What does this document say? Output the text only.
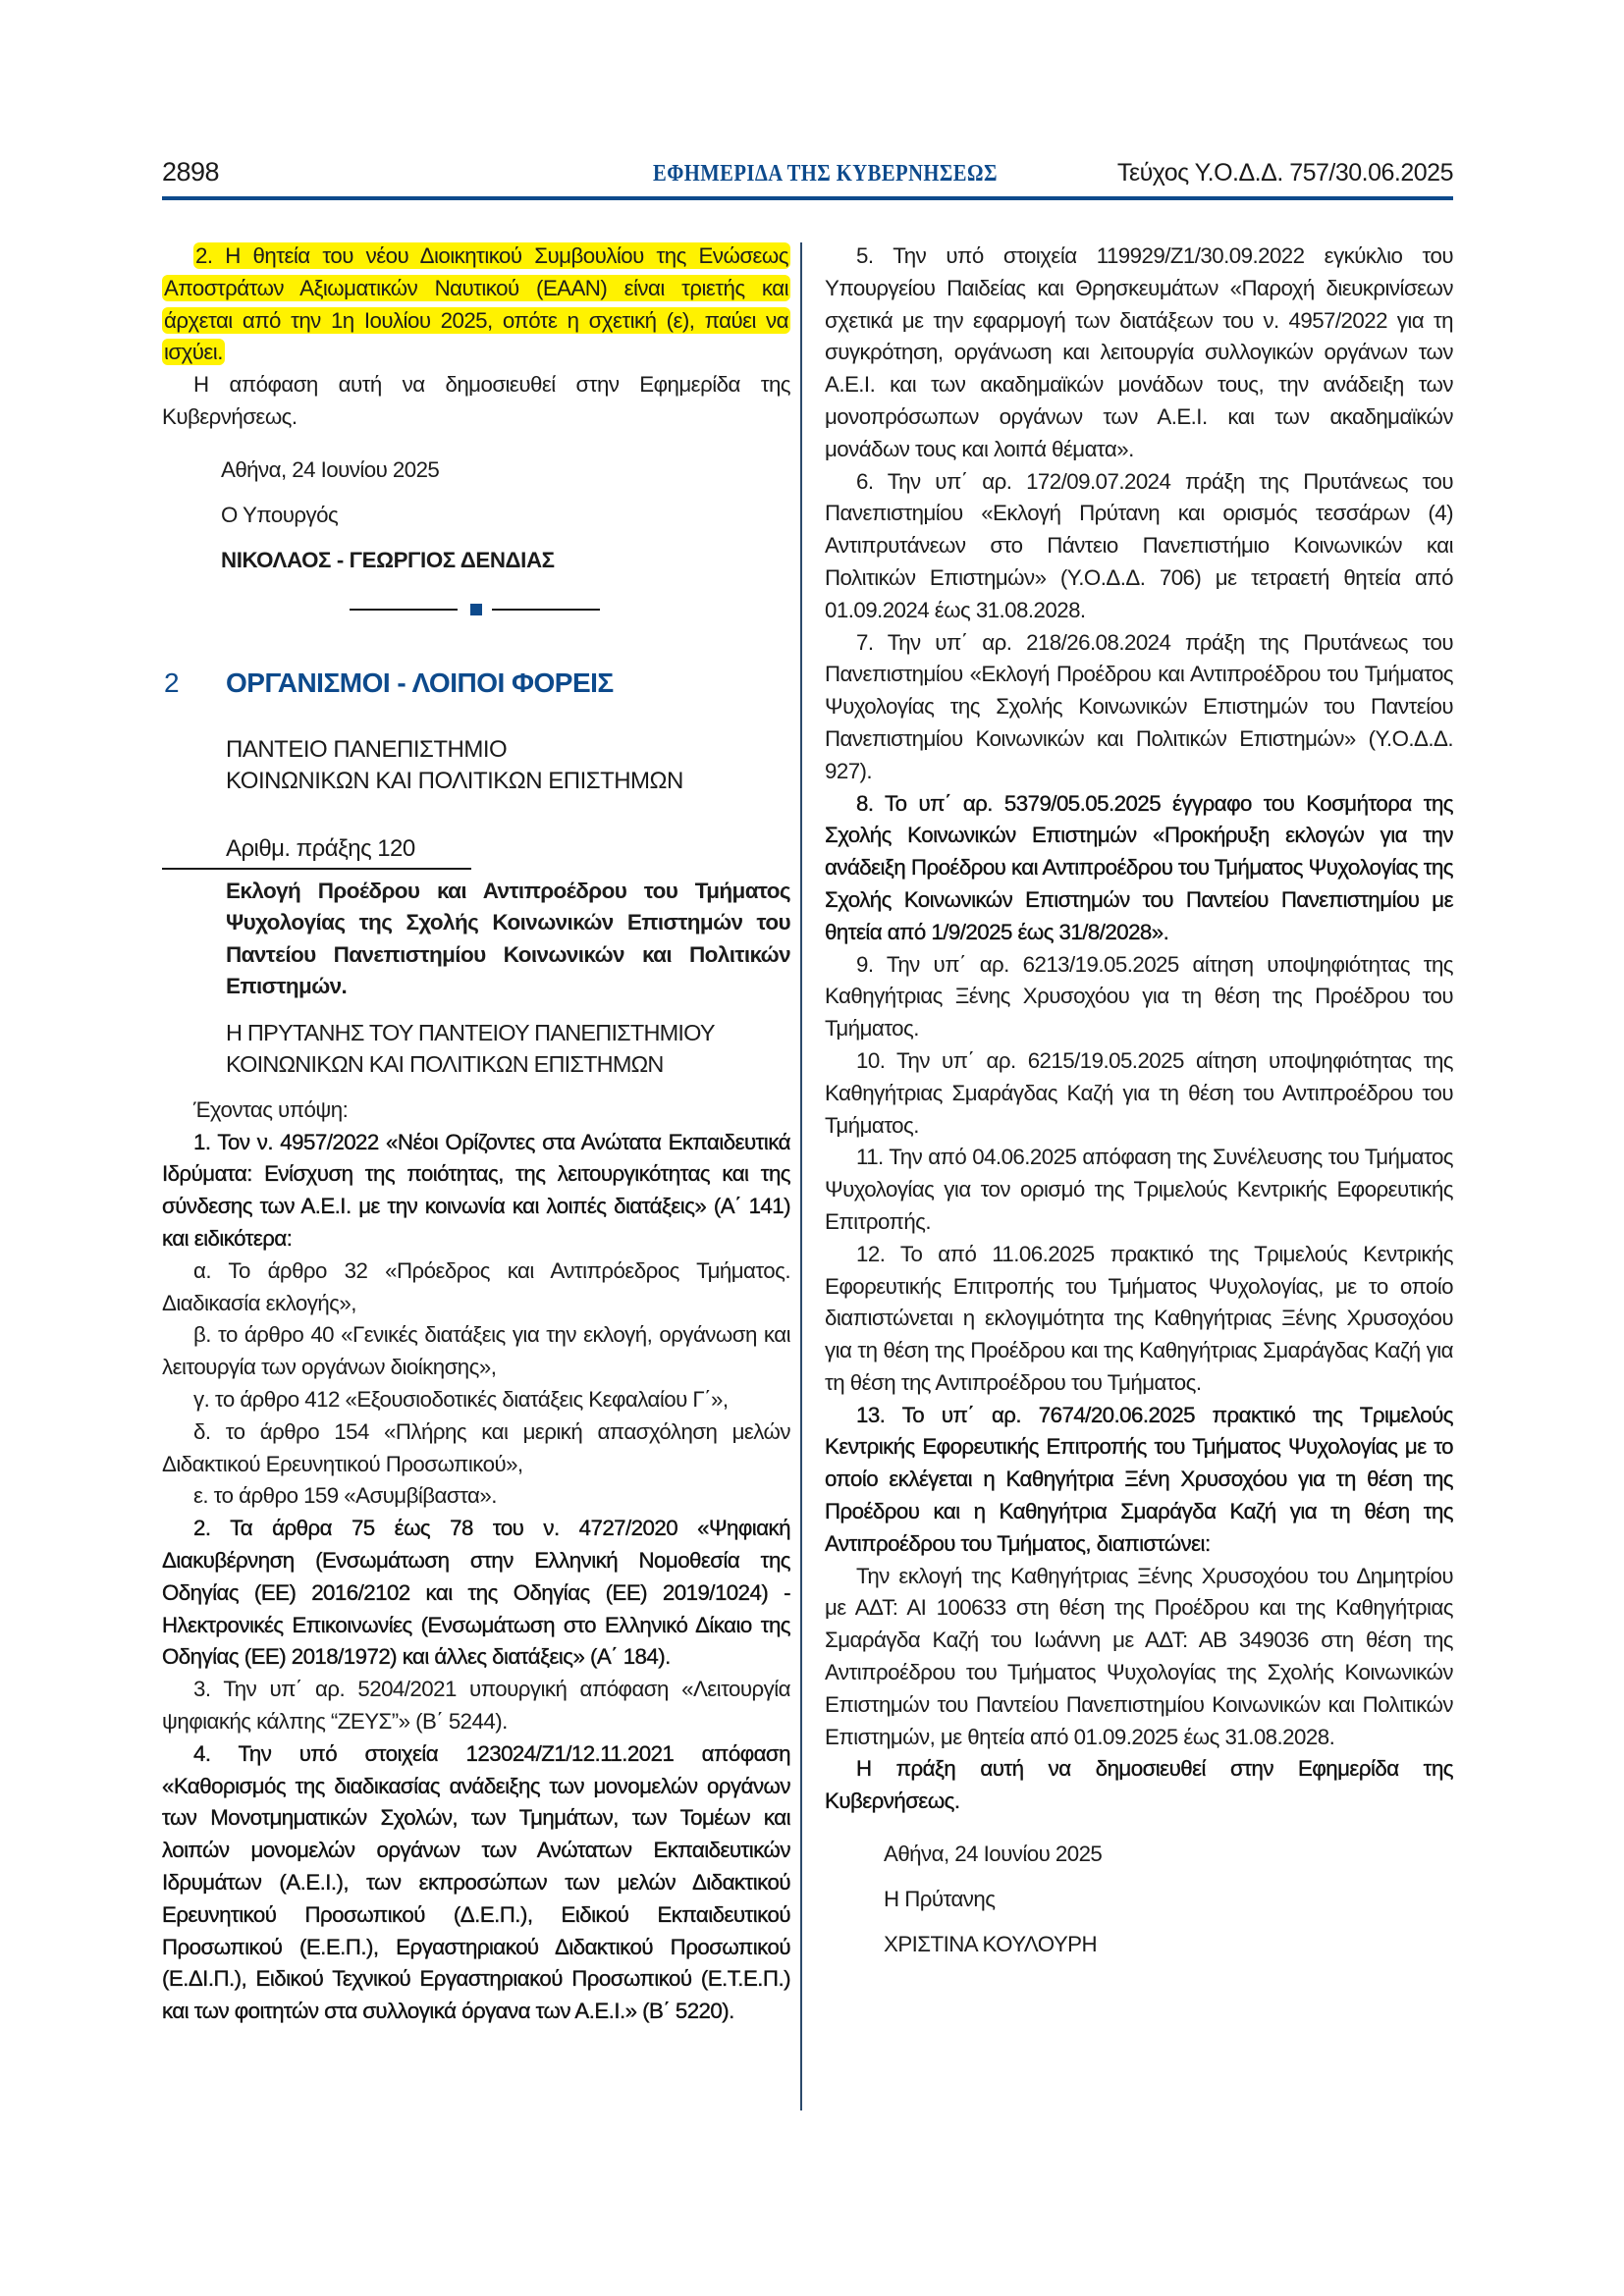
2898	ΕΦΗΜΕΡΙΔΑ ΤΗΣ ΚΥΒΕΡΝΗΣΕΩΣ	Τεύχος Υ.Ο.Δ.Δ. 757/30.06.2025

2. Η θητεία του νέου Διοικητικού Συμβουλίου της Ενώσεως Αποστράτων Αξιωματικών Ναυτικού (ΕΑΑΝ) είναι τριετής και άρχεται από την 1η Ιουλίου 2025, οπότε η σχετική (ε), παύει να ισχύει.

Η απόφαση αυτή να δημοσιευθεί στην Εφημερίδα της Κυβερνήσεως.

Αθήνα, 24 Ιουνίου 2025

Ο Υπουργός

ΝΙΚΟΛΑΟΣ - ΓΕΩΡΓΙΟΣ ΔΕΝΔΙΑΣ

2 ΟΡΓΑΝΙΣΜΟΙ - ΛΟΙΠΟΙ ΦΟΡΕΙΣ
ΠΑΝΤΕΙΟ ΠΑΝΕΠΙΣΤΗΜΙΟ
ΚΟΙΝΩΝΙΚΩΝ ΚΑΙ ΠΟΛΙΤΙΚΩΝ ΕΠΙΣΤΗΜΩΝ

Αριθμ. πράξης 120

Εκλογή Προέδρου και Αντιπροέδρου του Τμήματος Ψυχολογίας της Σχολής Κοινωνικών Επιστημών του Παντείου Πανεπιστημίου Κοινωνικών και Πολιτικών Επιστημών.

Η ΠΡΥΤΑΝΗΣ ΤΟΥ ΠΑΝΤΕΙΟΥ ΠΑΝΕΠΙΣΤΗΜΙΟΥ
ΚΟΙΝΩΝΙΚΩΝ ΚΑΙ ΠΟΛΙΤΙΚΩΝ ΕΠΙΣΤΗΜΩΝ

Έχοντας υπόψη:

1. Τον ν. 4957/2022 «Νέοι Ορίζοντες στα Ανώτατα Εκπαιδευτικά Ιδρύματα: Ενίσχυση της ποιότητας, της λειτουργικότητας και της σύνδεσης των Α.Ε.Ι. με την κοινωνία και λοιπές διατάξεις» (Α΄ 141) και ειδικότερα:

α. Το άρθρο 32 «Πρόεδρος και Αντιπρόεδρος Τμήματος. Διαδικασία εκλογής»,

β. το άρθρο 40 «Γενικές διατάξεις για την εκλογή, οργάνωση και λειτουργία των οργάνων διοίκησης»,

γ. το άρθρο 412 «Εξουσιοδοτικές διατάξεις Κεφαλαίου Γ΄»,

δ. το άρθρο 154 «Πλήρης και μερική απασχόληση μελών Διδακτικού Ερευνητικού Προσωπικού»,

ε. το άρθρο 159 «Ασυμβίβαστα».

2. Τα άρθρα 75 έως 78 του ν. 4727/2020 «Ψηφιακή Διακυβέρνηση (Ενσωμάτωση στην Ελληνική Νομοθεσία της Οδηγίας (ΕΕ) 2016/2102 και της Οδηγίας (ΕΕ) 2019/1024) - Ηλεκτρονικές Επικοινωνίες (Ενσωμάτωση στο Ελληνικό Δίκαιο της Οδηγίας (ΕΕ) 2018/1972) και άλλες διατάξεις» (Α΄ 184).

3. Την υπ΄ αρ. 5204/2021 υπουργική απόφαση «Λειτουργία ψηφιακής κάλπης “ΖΕΥΣ”» (Β΄ 5244).

4. Την υπό στοιχεία 123024/Ζ1/12.11.2021 απόφαση «Καθορισμός της διαδικασίας ανάδειξης των μονομελών οργάνων των Μονοτμηματικών Σχολών, των Τμημάτων, των Τομέων και λοιπών μονομελών οργάνων των Ανώτατων Εκπαιδευτικών Ιδρυμάτων (Α.Ε.Ι.), των εκπροσώπων των μελών Διδακτικού Ερευνητικού Προσωπικού (Δ.Ε.Π.), Ειδικού Εκπαιδευτικού Προσωπικού (Ε.Ε.Π.), Εργαστηριακού Διδακτικού Προσωπικού (Ε.ΔΙ.Π.), Ειδικού Τεχνικού Εργαστηριακού Προσωπικού (Ε.Τ.Ε.Π.) και των φοιτητών στα συλλογικά όργανα των Α.Ε.Ι.» (Β΄ 5220).

5. Την υπό στοιχεία 119929/Ζ1/30.09.2022 εγκύκλιο του Υπουργείου Παιδείας και Θρησκευμάτων «Παροχή διευκρινίσεων σχετικά με την εφαρμογή των διατάξεων του ν. 4957/2022 για τη συγκρότηση, οργάνωση και λειτουργία συλλογικών οργάνων των Α.Ε.Ι. και των ακαδημαϊκών μονάδων τους, την ανάδειξη των μονοπρόσωπων οργάνων των Α.Ε.Ι. και των ακαδημαϊκών μονάδων τους και λοιπά θέματα».

6. Την υπ΄ αρ. 172/09.07.2024 πράξη της Πρυτάνεως του Πανεπιστημίου «Εκλογή Πρύτανη και ορισμός τεσσάρων (4) Αντιπρυτάνεων στο Πάντειο Πανεπιστήμιο Κοινωνικών και Πολιτικών Επιστημών» (Υ.Ο.Δ.Δ. 706) με τετραετή θητεία από 01.09.2024 έως 31.08.2028.

7. Την υπ΄ αρ. 218/26.08.2024 πράξη της Πρυτάνεως του Πανεπιστημίου «Εκλογή Προέδρου και Αντιπροέδρου του Τμήματος Ψυχολογίας της Σχολής Κοινωνικών Επιστημών του Παντείου Πανεπιστημίου Κοινωνικών και Πολιτικών Επιστημών» (Υ.Ο.Δ.Δ. 927).

8. Το υπ΄ αρ. 5379/05.05.2025 έγγραφο του Κοσμήτορα της Σχολής Κοινωνικών Επιστημών «Προκήρυξη εκλογών για την ανάδειξη Προέδρου και Αντιπροέδρου του Τμήματος Ψυχολογίας της Σχολής Κοινωνικών Επιστημών του Παντείου Πανεπιστημίου με θητεία από 1/9/2025 έως 31/8/2028».

9. Την υπ΄ αρ. 6213/19.05.2025 αίτηση υποψηφιότητας της Καθηγήτριας Ξένης Χρυσοχόου για τη θέση της Προέδρου του Τμήματος.

10. Την υπ΄ αρ. 6215/19.05.2025 αίτηση υποψηφιότητας της Καθηγήτριας Σμαράγδας Καζή για τη θέση του Αντιπροέδρου του Τμήματος.

11. Την από 04.06.2025 απόφαση της Συνέλευσης του Τμήματος Ψυχολογίας για τον ορισμό της Τριμελούς Κεντρικής Εφορευτικής Επιτροπής.

12. Το από 11.06.2025 πρακτικό της Τριμελούς Κεντρικής Εφορευτικής Επιτροπής του Τμήματος Ψυχολογίας, με το οποίο διαπιστώνεται η εκλογιμότητα της Καθηγήτριας Ξένης Χρυσοχόου για τη θέση της Προέδρου και της Καθηγήτριας Σμαράγδας Καζή για τη θέση της Αντιπροέδρου του Τμήματος.

13. Το υπ΄ αρ. 7674/20.06.2025 πρακτικό της Τριμελούς Κεντρικής Εφορευτικής Επιτροπής του Τμήματος Ψυχολογίας με το οποίο εκλέγεται η Καθηγήτρια Ξένη Χρυσοχόου για τη θέση της Προέδρου και η Καθηγήτρια Σμαράγδα Καζή για τη θέση της Αντιπροέδρου του Τμήματος, διαπιστώνει:

Την εκλογή της Καθηγήτριας Ξένης Χρυσοχόου του Δημητρίου με ΑΔΤ: ΑΙ 100633 στη θέση της Προέδρου και της Καθηγήτριας Σμαράγδα Καζή του Ιωάννη με ΑΔΤ: ΑΒ 349036 στη θέση της Αντιπροέδρου του Τμήματος Ψυχολογίας της Σχολής Κοινωνικών Επιστημών του Παντείου Πανεπιστημίου Κοινωνικών και Πολιτικών Επιστημών, με θητεία από 01.09.2025 έως 31.08.2028.

Η πράξη αυτή να δημοσιευθεί στην Εφημερίδα της Κυβερνήσεως.

Αθήνα, 24 Ιουνίου 2025

Η Πρύτανης

ΧΡΙΣΤΙΝΑ ΚΟΥΛΟΥΡΗ
